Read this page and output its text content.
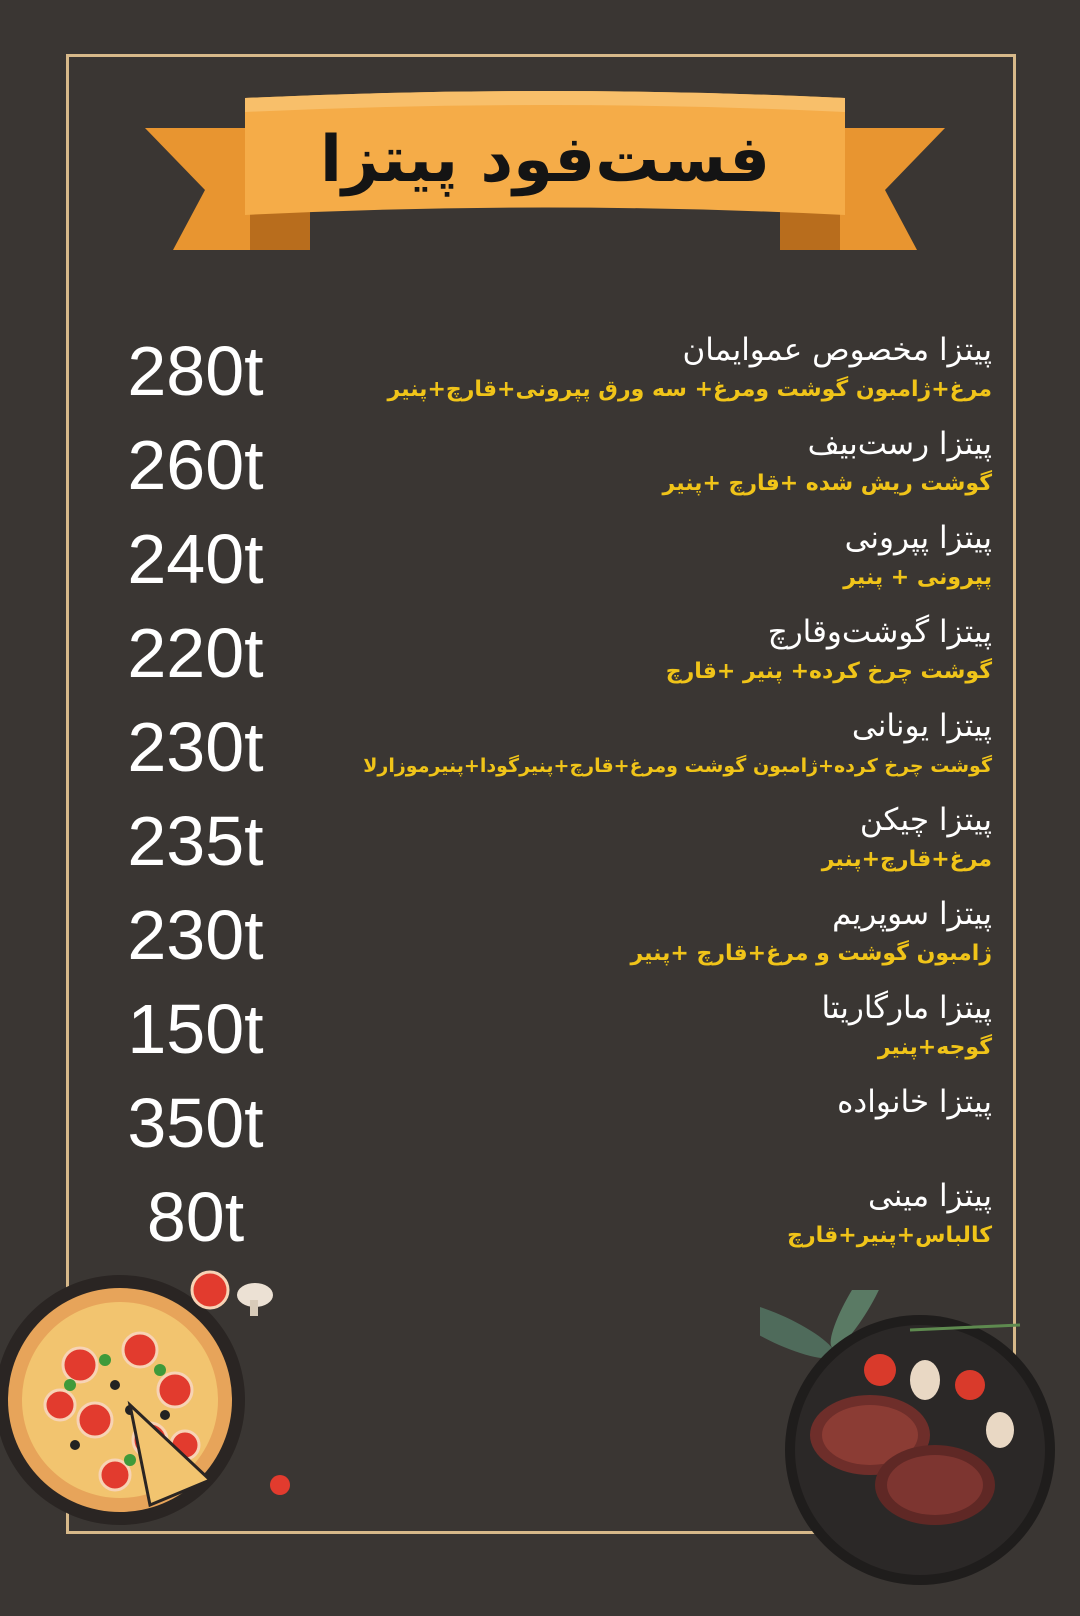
فست‌فود پیتزا
280t	پیتزا مخصوص عموایمان
مرغ+ژامبون گوشت ومرغ+ سه ورق پپرونی+قارچ+پنیر
260t	پیتزا رست‌بیف
گوشت ریش شده +قارچ +پنیر
240t	پیتزا پپرونی
پپرونی + پنیر
220t	پیتزا گوشت‌وقارچ
گوشت چرخ کرده+ پنیر +قارچ
230t	پیتزا یونانی
گوشت چرخ کرده+ژامبون گوشت ومرغ+قارچ+پنیرگودا+پنیرموزارلا
235t	پیتزا چیکن
مرغ+قارچ+پنیر
230t	پیتزا سوپریم
ژامبون گوشت و مرغ+قارچ +پنیر
150t	پیتزا مارگاریتا
گوجه+پنیر
350t	پیتزا خانواده
80t	پیتزا مینی
کالباس+پنیر+قارچ
